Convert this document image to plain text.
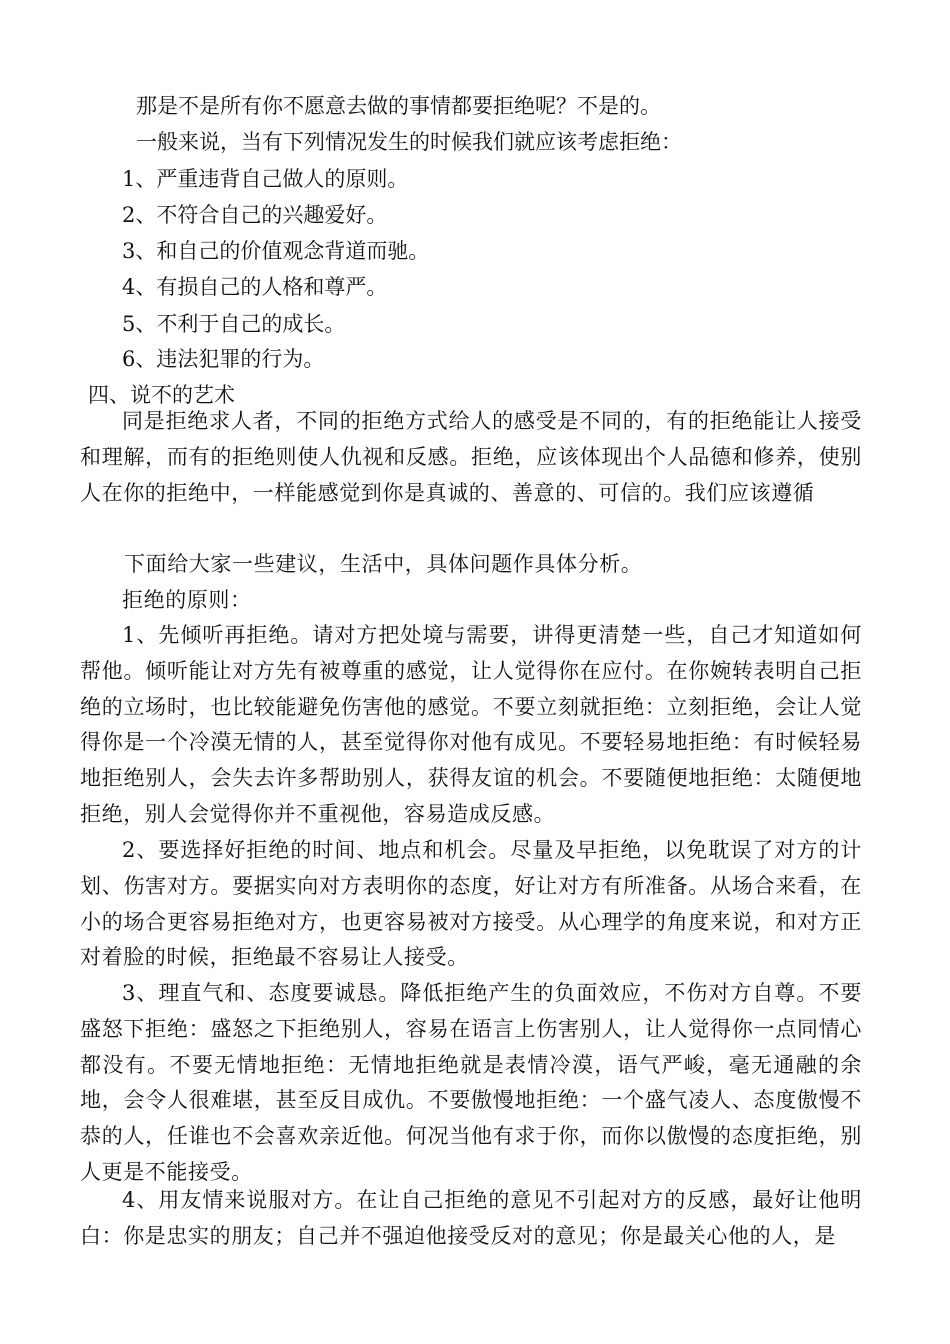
那是不是所有你不愿意去做的事情都要拒绝呢？不是的。
一般来说，当有下列情况发生的时候我们就应该考虑拒绝：
1、严重违背自己做人的原则。
2、不符合自己的兴趣爱好。
3、和自己的价值观念背道而驰。
4、有损自己的人格和尊严。
5、不利于自己的成长。
6、违法犯罪的行为。
四、说不的艺术
同是拒绝求人者，不同的拒绝方式给人的感受是不同的，有的拒绝能让人接受和理解，而有的拒绝则使人仇视和反感。拒绝，应该体现出个人品德和修养，使别人在你的拒绝中，一样能感觉到你是真诚的、善意的、可信的。我们应该遵循
下面给大家一些建议，生活中，具体问题作具体分析。
拒绝的原则：
1、先倾听再拒绝。请对方把处境与需要，讲得更清楚一些，自己才知道如何帮他。倾听能让对方先有被尊重的感觉，让人觉得你在应付。在你婉转表明自己拒绝的立场时，也比较能避免伤害他的感觉。不要立刻就拒绝：立刻拒绝，会让人觉得你是一个冷漠无情的人，甚至觉得你对他有成见。不要轻易地拒绝：有时候轻易地拒绝别人，会失去许多帮助别人，获得友谊的机会。不要随便地拒绝：太随便地拒绝，别人会觉得你并不重视他，容易造成反感。
2、要选择好拒绝的时间、地点和机会。尽量及早拒绝，以免耽误了对方的计划、伤害对方。要据实向对方表明你的态度，好让对方有所准备。从场合来看，在小的场合更容易拒绝对方，也更容易被对方接受。从心理学的角度来说，和对方正对着脸的时候，拒绝最不容易让人接受。
3、理直气和、态度要诚恳。降低拒绝产生的负面效应，不伤对方自尊。不要盛怒下拒绝：盛怒之下拒绝别人，容易在语言上伤害别人，让人觉得你一点同情心都没有。不要无情地拒绝：无情地拒绝就是表情冷漠，语气严峻，毫无通融的余地，会令人很难堪，甚至反目成仇。不要傲慢地拒绝：一个盛气凌人、态度傲慢不恭的人，任谁也不会喜欢亲近他。何况当他有求于你，而你以傲慢的态度拒绝，别人更是不能接受。
4、用友情来说服对方。在让自己拒绝的意见不引起对方的反感，最好让他明白：你是忠实的朋友；自己并不强迫他接受反对的意见；你是最关心他的人，是
